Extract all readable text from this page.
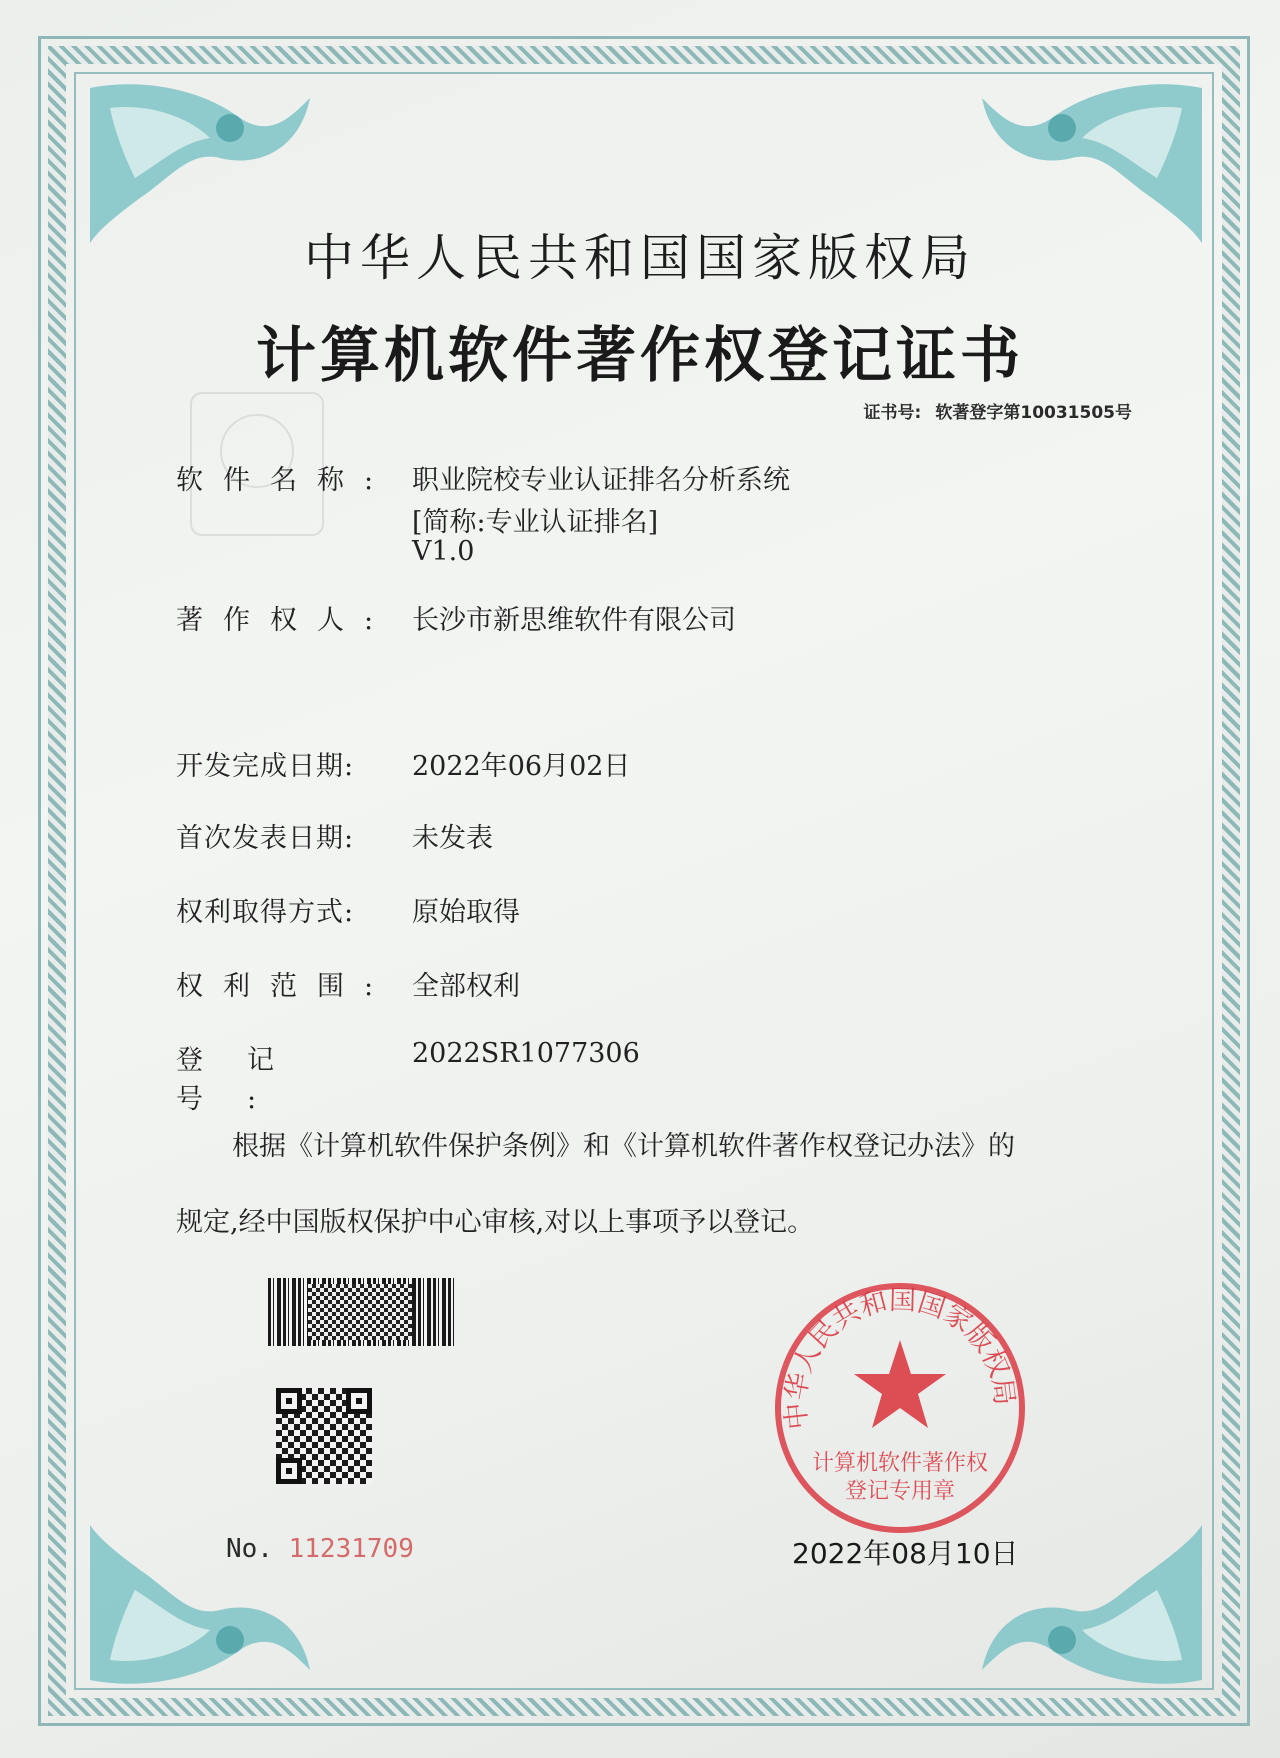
中华人民共和国国家版权局
计算机软件著作权登记证书
证书号: 软著登字第10031505号
软件名称: 职业院校专业认证排名分析系统
[简称:专业认证排名]
V1.0
著作权人: 长沙市新思维软件有限公司
开发完成日期: 2022年06月02日
首次发表日期: 未发表
权利取得方式: 原始取得
权利范围: 全部权利
登记号:
2022SR1077306
根据《计算机软件保护条例》和《计算机软件著作权登记办法》的
规定,经中国版权保护中心审核,对以上事项予以登记。
No. 11231709
中华人民共和国国家版权局
计算机软件著作权
登记专用章
2022年08月10日
